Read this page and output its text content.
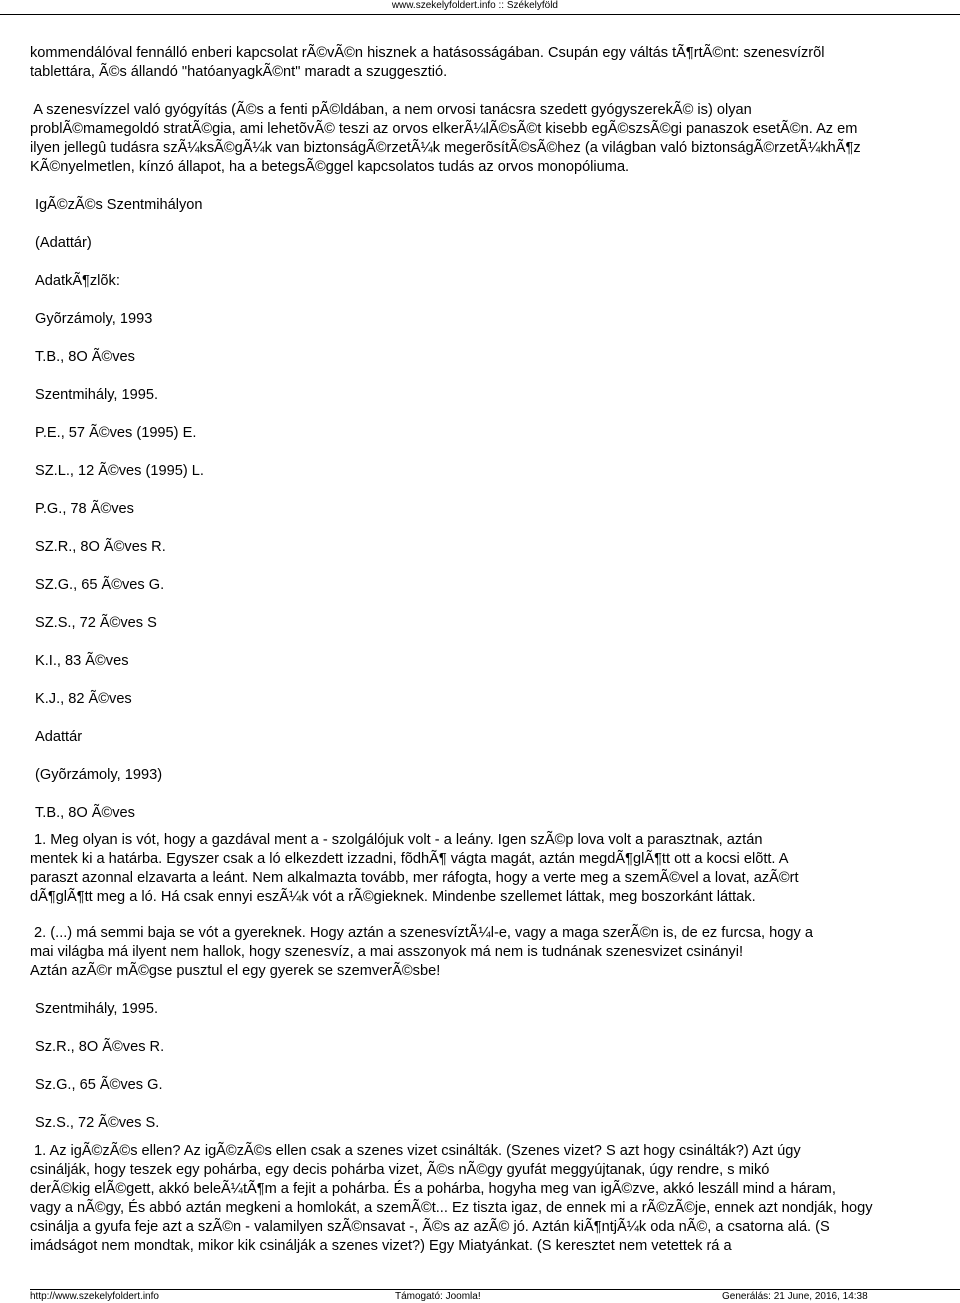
www.szekelyfoldert.info :: Székelyföld

kommendálóval fennálló enberi kapcsolat rÃ©vÃ©n hisznek a hatásosságában. Csupán egy váltás tÃ¶rtÃ©nt: szenesvízrõl
tablettára, Ã©s állandó "hatóanyagkÃ©nt" maradt a szuggesztió.

A szenesvízzel való gyógyítás (Ã©s a fenti pÃ©ldában, a nem orvosi tanácsra szedett gyógyszerekÃ© is) olyan
problÃ©mamegoldó stratÃ©gia, ami lehetõvÃ© teszi az orvos elkerÃ¼lÃ©sÃ©t kisebb egÃ©szsÃ©gi panaszok esetÃ©n. Az em
ilyen jellegû tudásra szÃ¼ksÃ©gÃ¼k van biztonságÃ©rzetÃ¼k megerõsítÃ©sÃ©hez (a világban való biztonságÃ©rzetÃ¼khÃ¶z
KÃ©nyelmetlen, kínzó állapot, ha a betegsÃ©ggel kapcsolatos tudás az orvos monopóliuma.

IgÃ©zÃ©s Szentmihályon

(Adattár)

AdatkÃ¶zlõk:

Gyõrzámoly, 1993

T.B., 8O Ã©ves

Szentmihály, 1995.

P.E., 57 Ã©ves (1995) E.

SZ.L., 12 Ã©ves (1995) L.

P.G., 78 Ã©ves

SZ.R., 8O Ã©ves R.

SZ.G., 65 Ã©ves G.

SZ.S., 72 Ã©ves S

K.I., 83 Ã©ves

K.J., 82 Ã©ves

Adattár

(Gyõrzámoly, 1993)

T.B., 8O Ã©ves

1. Meg olyan is vót, hogy a gazdával ment a - szolgálójuk volt - a leány. Igen szÃ©p lova volt a parasztnak, aztán
mentek ki a határba. Egyszer csak a ló elkezdett izzadni, fõdhÃ¶ vágta magát, aztán megdÃ¶glÃ¶tt ott a kocsi elõtt. A
paraszt azonnal elzavarta a leánt. Nem alkalmazta tovább, mer ráfogta, hogy a verte meg a szemÃ©vel a lovat, azÃ©rt
dÃ¶glÃ¶tt meg a ló. Há csak ennyi eszÃ¼k vót a rÃ©gieknek. Mindenbe szellemet láttak, meg boszorkánt láttak.

2. (...) má semmi baja se vót a gyereknek. Hogy aztán a szenesvíztÃ¼l-e, vagy a maga szerÃ©n is, de ez furcsa, hogy a
mai világba má ilyent nem hallok, hogy szenesvíz, a mai asszonyok má nem is tudnának szenesvizet csinányi!
Aztán azÃ©r mÃ©gse pusztul el egy gyerek se szemverÃ©sbe!

Szentmihály, 1995.

Sz.R., 8O Ã©ves R.

Sz.G., 65 Ã©ves G.

Sz.S., 72 Ã©ves S.

1. Az igÃ©zÃ©s ellen? Az igÃ©zÃ©s ellen csak a szenes vizet csinálták. (Szenes vizet? S azt hogy csinálták?) Azt úgy
csinálják, hogy teszek egy pohárba, egy decis pohárba vizet, Ã©s nÃ©gy gyufát meggyújtanak, úgy rendre, s mikó
derÃ©kig elÃ©gett, akkó beleÃ¼tÃ¶m a fejit a pohárba. És a pohárba, hogyha meg van igÃ©zve, akkó leszáll mind a háram,
vagy a nÃ©gy, És abbó aztán megkeni a homlokát, a szemÃ©t... Ez tiszta igaz, de ennek mi a rÃ©zÃ©je, ennek azt nondják, hogy
csinálja a gyufa feje azt a szÃ©n - valamilyen szÃ©nsavat -, Ã©s az azÃ© jó. Aztán kiÃ¶ntjÃ¼k oda nÃ©, a csatorna alá. (S
imádságot nem mondtak, mikor kik csinálják a szenes vizet?) Egy Miatyánkat. (S keresztet nem vetettek rá a

http://www.szekelyfoldert.info	Támogató: Joomla!	Generálás: 21 June, 2016, 14:38
